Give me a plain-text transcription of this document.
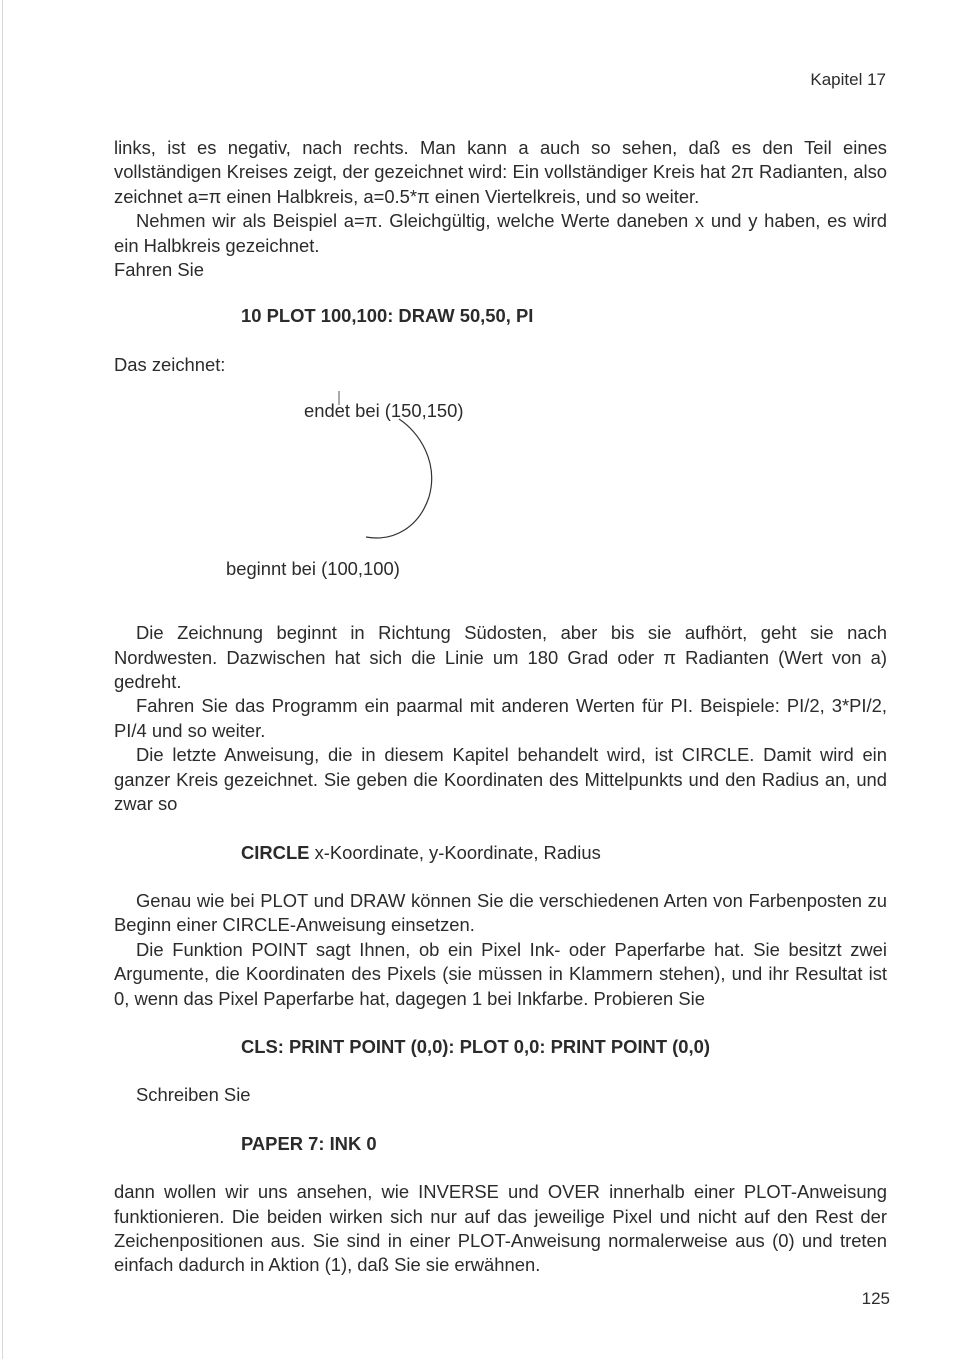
Kapitel 17

links, ist es negativ, nach rechts. Man kann a auch so sehen, daß es den Teil eines vollständigen Kreises zeigt, der gezeichnet wird: Ein vollständiger Kreis hat 2π Radianten, also zeichnet a=π einen Halbkreis, a=0.5*π einen Viertelkreis, und so weiter.

Nehmen wir als Beispiel a=π. Gleichgültig, welche Werte daneben x und y haben, es wird ein Halbkreis gezeichnet.

Fahren Sie

10 PLOT 100,100: DRAW 50,50, PI

Das zeichnet:

endet bei (150,150)
beginnt bei (100,100)

Die Zeichnung beginnt in Richtung Südosten, aber bis sie aufhört, geht sie nach Nordwesten. Dazwischen hat sich die Linie um 180 Grad oder π Radianten (Wert von a) gedreht.

Fahren Sie das Programm ein paarmal mit anderen Werten für PI. Beispiele: PI/2, 3*PI/2, PI/4 und so weiter.

Die letzte Anweisung, die in diesem Kapitel behandelt wird, ist CIRCLE. Damit wird ein ganzer Kreis gezeichnet. Sie geben die Koordinaten des Mittelpunkts und den Radius an, und zwar so

CIRCLE x-Koordinate, y-Koordinate, Radius

Genau wie bei PLOT und DRAW können Sie die verschiedenen Arten von Farbenposten zu Beginn einer CIRCLE-Anweisung einsetzen.

Die Funktion POINT sagt Ihnen, ob ein Pixel Ink- oder Paperfarbe hat. Sie besitzt zwei Argumente, die Koordinaten des Pixels (sie müssen in Klammern stehen), und ihr Resultat ist 0, wenn das Pixel Paperfarbe hat, dagegen 1 bei Inkfarbe. Probieren Sie

CLS: PRINT POINT (0,0): PLOT 0,0: PRINT POINT (0,0)

Schreiben Sie

PAPER 7: INK 0

dann wollen wir uns ansehen, wie INVERSE und OVER innerhalb einer PLOT-Anweisung funktionieren. Die beiden wirken sich nur auf das jeweilige Pixel und nicht auf den Rest der Zeichenpositionen aus. Sie sind in einer PLOT-Anweisung normalerweise aus (0) und treten einfach dadurch in Aktion (1), daß Sie sie erwähnen.

125
